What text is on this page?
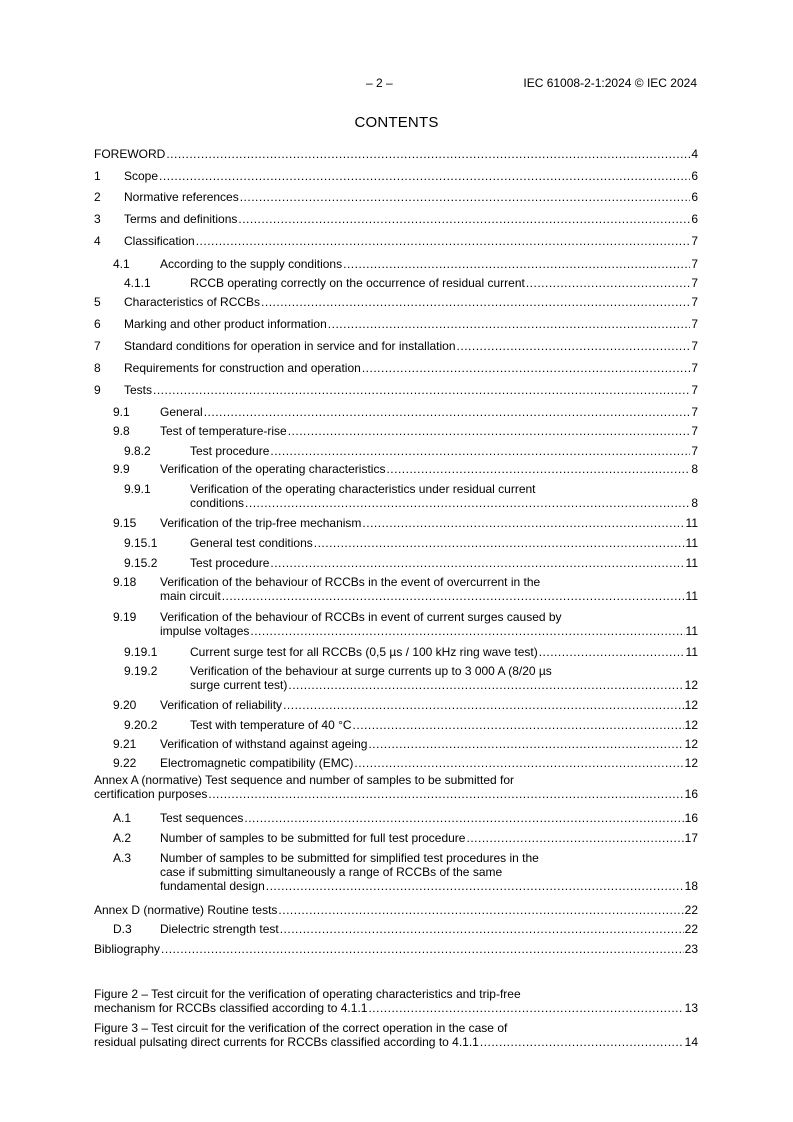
– 2 –	IEC 61008-2-1:2024 © IEC 2024
CONTENTS
FOREWORD .....	4
1 Scope .....	6
2 Normative references .....	6
3 Terms and definitions .....	6
4 Classification .....	7
4.1	According to the supply conditions .....	7
4.1.1	RCCB operating correctly on the occurrence of residual current .....	7
5 Characteristics of RCCBs .....	7
6 Marking and other product information .....	7
7 Standard conditions for operation in service and for installation .....	7
8 Requirements for construction and operation .....	7
9 Tests .....	7
9.1	General .....	7
9.8	Test of temperature-rise .....	7
9.8.2	Test procedure .....	7
9.9	Verification of the operating characteristics .....	8
9.9.1	Verification of the operating characteristics under residual current
conditions .....	8
9.15 Verification of the trip-free mechanism .....	11
9.15.1	General test conditions .....	11
9.15.2	Test procedure .....	11
9.18 Verification of the behaviour of RCCBs in the event of overcurrent in the
main circuit .....	11
9.19 Verification of the behaviour of RCCBs in event of current surges caused by
impulse voltages .....	11
9.19.1	Current surge test for all RCCBs (0,5 µs / 100 kHz ring wave test) .....	11
9.19.2	Verification of the behaviour at surge currents up to 3 000 A (8/20 µs
surge current test) .....	12
9.20 Verification of reliability .....	12
9.20.2	Test with temperature of 40 °C .....	12
9.21 Verification of withstand against ageing .....	12
9.22 Electromagnetic compatibility (EMC) .....	12
Annex A (normative) Test sequence and number of samples to be submitted for
certification purposes .....	16
A.1 Test sequences .....	16
A.2 Number of samples to be submitted for full test procedure .....	17
A.3 Number of samples to be submitted for simplified test procedures in the
case if submitting simultaneously a range of RCCBs of the same
fundamental design .....	18
Annex D (normative) Routine tests .....	22
D.3 Dielectric strength test .....	22
Bibliography .....	23
Figure 2 – Test circuit for the verification of operating characteristics and trip-free
mechanism for RCCBs classified according to 4.1.1 .....	13
Figure 3 – Test circuit for the verification of the correct operation in the case of
residual pulsating direct currents for RCCBs classified according to 4.1.1 .....	14
